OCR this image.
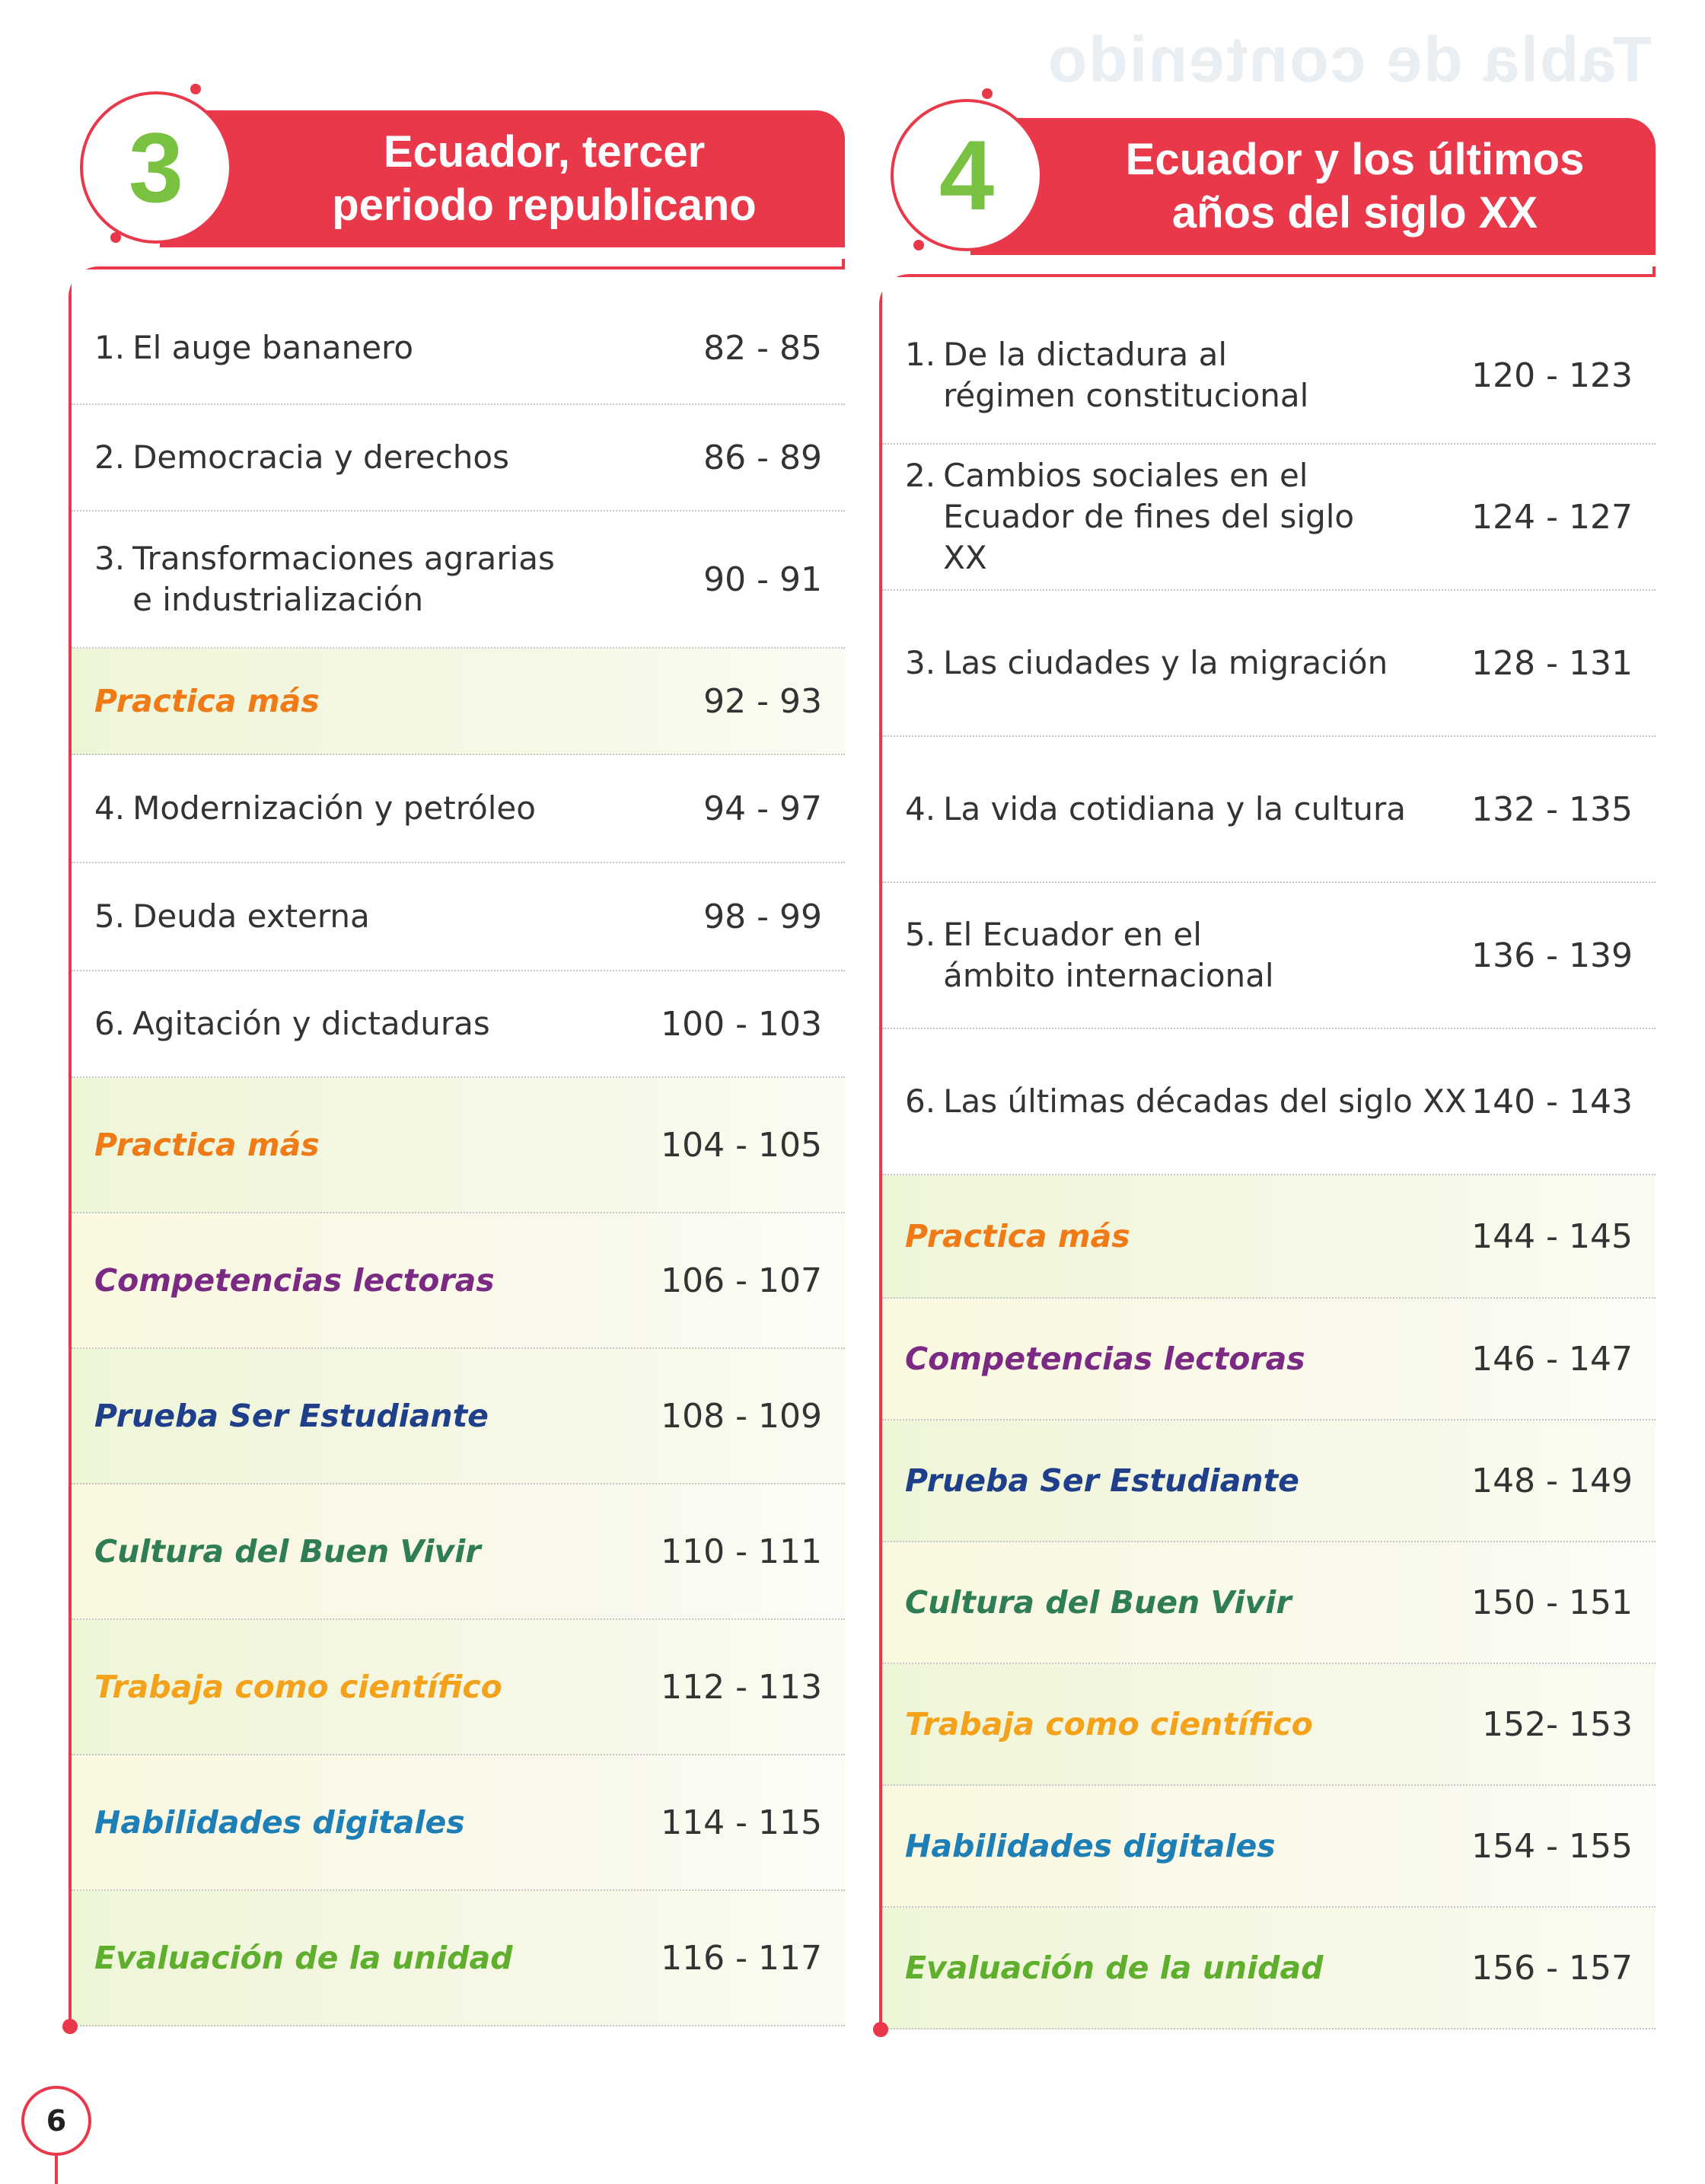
Tabla de contenido
Ecuador, tercer
periodo republicano
3
1. El auge bananero	82 - 85
2. Democracia y derechos	86 - 89
3. Transformaciones agrarias e industrialización
90 - 91
Practica más	92 - 93
4. Modernización y petróleo	94 - 97
5. Deuda externa	98 - 99
6. Agitación y dictaduras	100 - 103
Practica más	104 - 105
Competencias lectoras	106 - 107
Prueba Ser Estudiante	108 - 109
Cultura del Buen Vivir	110 - 111
Trabaja como científico	112 - 113
Habilidades digitales	114 - 115
Evaluación de la unidad	116 - 117
Ecuador y los últimos
años del siglo XX
4
1. De la dictadura al régimen constitucional
120 - 123
2. Cambios sociales en el Ecuador de fines del siglo XX
124 - 127
3. Las ciudades y la migración 128 - 131
4. La vida cotidiana y la cultura 132 - 135
5. El Ecuador en el ámbito internacional
136 - 139
6. Las últimas décadas del siglo XX 140 - 143
Practica más	144 - 145
Competencias lectoras	146 - 147
Prueba Ser Estudiante	148 - 149
Cultura del Buen Vivir	150 - 151
Trabaja como científico	152- 153
Habilidades digitales	154 - 155
Evaluación de la unidad	156 - 157
6
